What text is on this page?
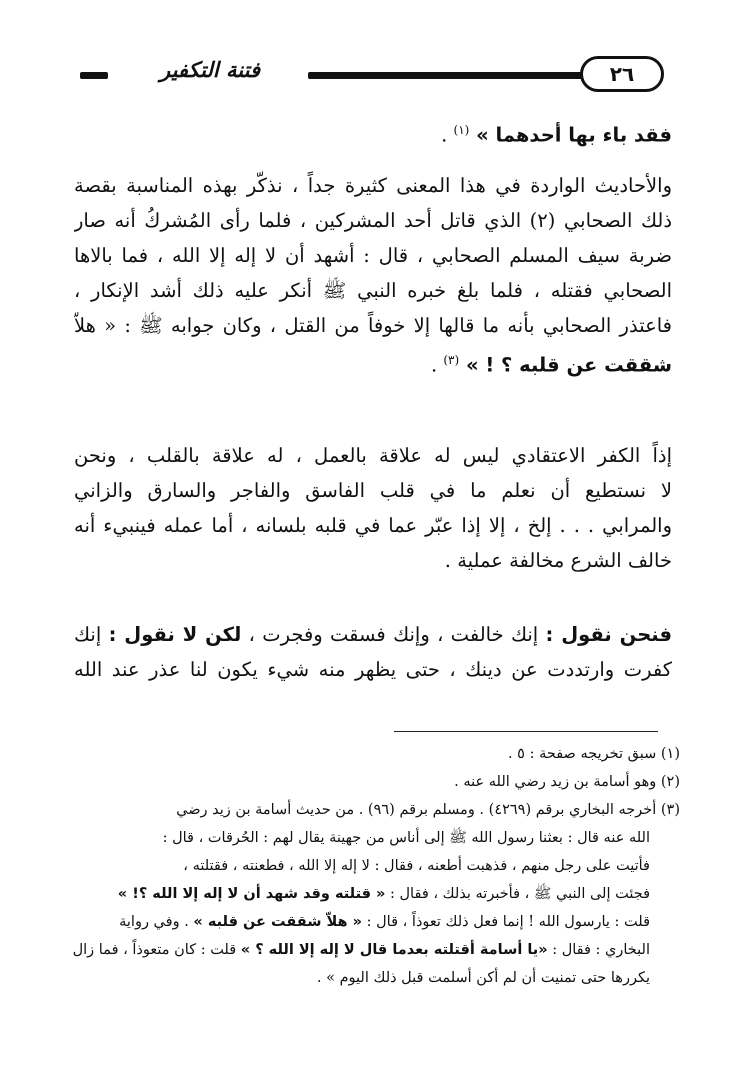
فتنة التكفير	٢٦
فقد باء بها أحدهما » $^{(١)}$ .
والأحاديث الواردة في هذا المعنى كثيرة جداً ، نذكّر بهذه المناسبة بقصة
ذلك الصحابي (٢) الذي قاتل أحد المشركين ، فلما رأى المُشركُ أنه صار
ضربة سيف المسلم الصحابي ، قال : أشهد أن لا إله إلا الله ، فما بالاها
الصحابي فقتله ، فلما بلغ خبره النبي ﷺ أنكر عليه ذلك أشد الإنكار ،
فاعتذر الصحابي بأنه ما قالها إلا خوفاً من القتل ، وكان جوابه ﷺ : « هلاّ
شققت عن قلبه ؟ ! » $^{(٣)}$ .
إذاً الكفر الاعتقادي ليس له علاقة بالعمل ، له علاقة بالقلب ، ونحن
لا نستطيع أن نعلم ما في قلب الفاسق والفاجر والسارق والزاني
والمرابي . . . إلخ ، إلا إذا عبّر عما في قلبه بلسانه ، أما عمله فينبيء أنه
خالف الشرع مخالفة عملية .
فنحن نقول : إنك خالفت ، وإنك فسقت وفجرت ، لكن لا نقول : إنك
كفرت وارتددت عن دينك ، حتى يظهر منه شيء يكون لنا عذر عند الله
(١) سبق تخريجه صفحة : ٥ .
(٢) وهو أسامة بن زيد رضي الله عنه .
(٣) أخرجه البخاري برقم (٤٢٦٩) . ومسلم برقم (٩٦) . من حديث أسامة بن زيد رضي
الله عنه قال : بعثنا رسول الله ﷺ إلى أناس من جهينة يقال لهم : الحُرقات ، قال :
فأتيت على رجل منهم ، فذهبت أطعنه ، فقال : لا إله إلا الله ، فطعنته ، فقتلته ،
فجئت إلى النبي ﷺ ، فأخبرته بذلك ، فقال : « قتلته وقد شهد أن لا إله إلا الله ؟! »
قلت : يارسول الله ! إنما فعل ذلك تعوذاً ، قال : « هلاّ شققت عن قلبه » . وفي رواية
البخاري : فقال : «يا أسامة أقتلته بعدما قال لا إله إلا الله ؟ » قلت : كان متعوذاً ، فما زال
يكررها حتى تمنيت أن لم أكن أسلمت قبل ذلك اليوم » .
